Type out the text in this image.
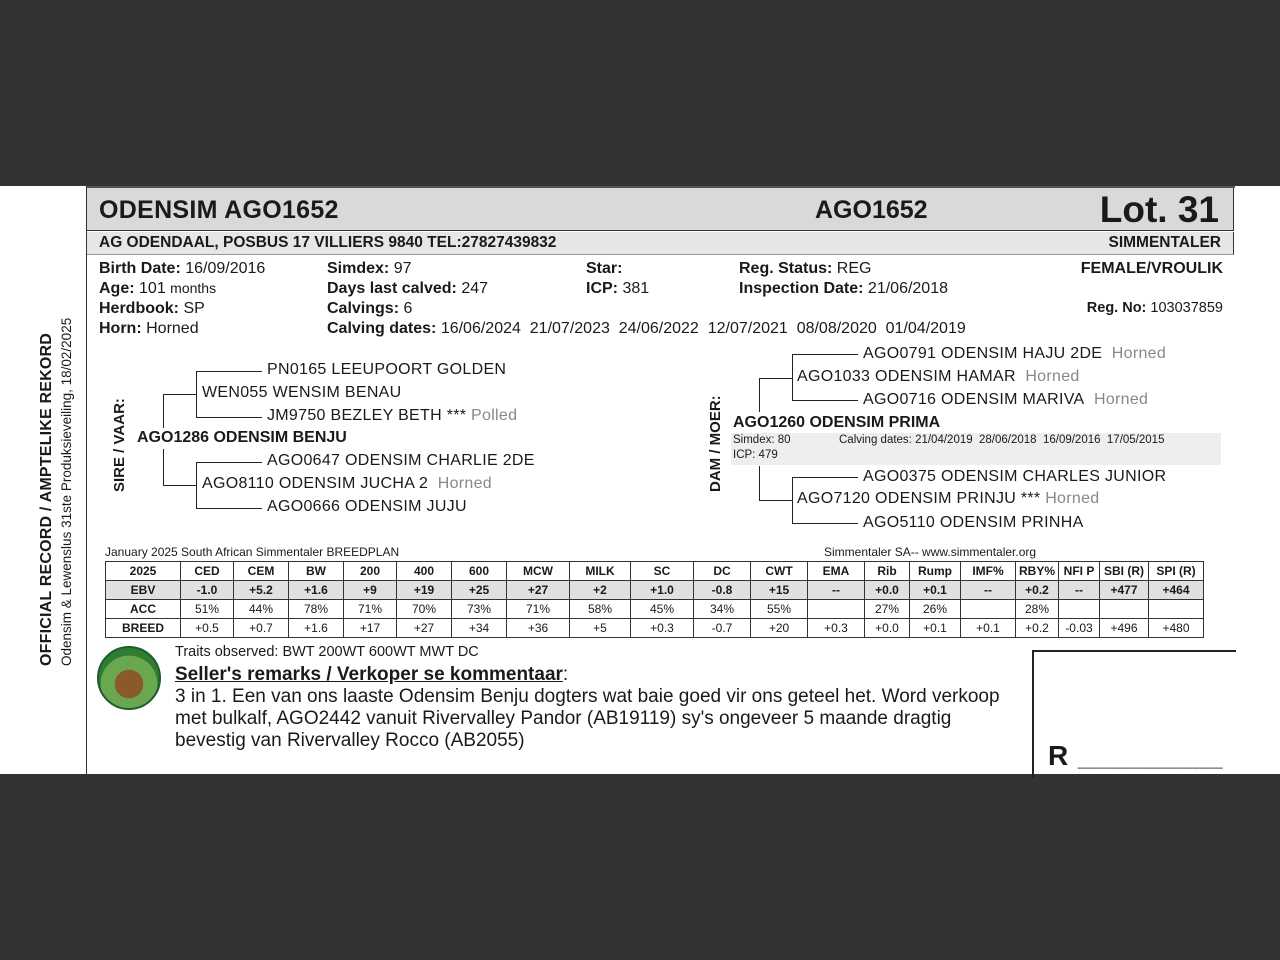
OFFICIAL RECORD / AMPTELIKE REKORD Odensim & Lewenslus 31ste Produksieveiling, 18/02/2025
ODENSIM AGO1652	AGO1652	Lot. 31
AG ODENDAAL, POSBUS 17 VILLIERS 9840 TEL:27827439832	SIMMENTALER
Birth Date: 16/09/2016
Age: 101 months
Herdbook: SP
Horn: Horned
Simdex: 97
Days last calved: 247
Calvings: 6
Calving dates: 16/06/2024  21/07/2023  24/06/2022  12/07/2021  08/08/2020  01/04/2019
Star:
ICP: 381
Reg. Status: REG
Inspection Date: 21/06/2018
FEMALE/VROULIK
Reg. No: 103037859
SIRE / VAAR: AGO1286 ODENSIM BENJU
WEN055 WENSIM BENAU
PN0165 LEEUPOORT GOLDEN
JM9750 BEZLEY BETH *** Polled
AGO8110 ODENSIM JUCHA 2 Horned
AGO0647 ODENSIM CHARLIE 2DE
AGO0666 ODENSIM JUJU
DAM / MOER: AGO1260 ODENSIM PRIMA
Simdex: 80	Calving dates: 21/04/2019  28/06/2018  16/09/2016  17/05/2015
ICP: 479
AGO1033 ODENSIM HAMAR Horned
AGO0791 ODENSIM HAJU 2DE Horned
AGO0716 ODENSIM MARIVA Horned
AGO7120 ODENSIM PRINJU *** Horned
AGO0375 ODENSIM CHARLES JUNIOR
AGO5110 ODENSIM PRINHA
January 2025 South African Simmentaler BREEDPLAN	Simmentaler SA-- www.simmentaler.org
2025	CED	CEM	BW	200	400	600	MCW	MILK	SC	DC	CWT	EMA	Rib	Rump	IMF%	RBY%	NFI P	SBI (R)	SPI (R)
EBV	-1.0	+5.2	+1.6	+9	+19	+25	+27	+2	+1.0	-0.8	+15	--	+0.0	+0.1	--	+0.2	--	+477	+464
ACC	51%	44%	78%	71%	70%	73%	71%	58%	45%	34%	55%		27%	26%		28%			
BREED	+0.5	+0.7	+1.6	+17	+27	+34	+36	+5	+0.3	-0.7	+20	+0.3	+0.0	+0.1	+0.1	+0.2	-0.03	+496	+480
Traits observed: BWT 200WT 600WT MWT DC
Seller's remarks / Verkoper se kommentaar:
3 in 1. Een van ons laaste Odensim Benju dogters wat baie goed vir ons geteel het. Word verkoop
met bulkalf, AGO2442 vanuit Rivervalley Pandor (AB19119) sy's ongeveer 5 maande dragtig
bevestig van Rivervalley Rocco (AB2055)	R ___________________
